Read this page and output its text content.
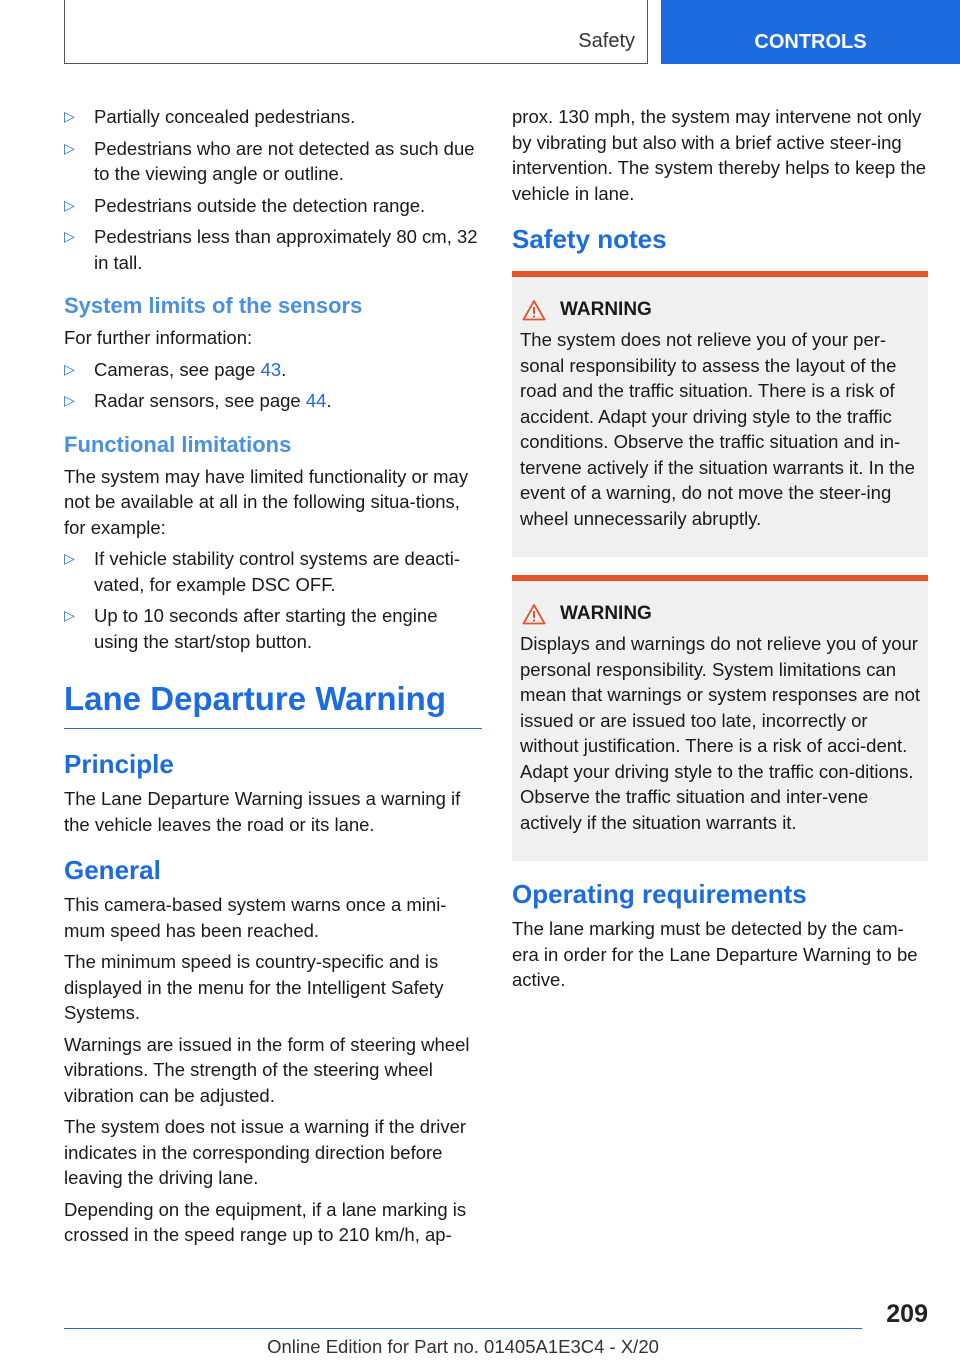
Safety	CONTROLS
▷ Partially concealed pedestrians.
▷ Pedestrians who are not detected as such due to the viewing angle or outline.
▷ Pedestrians outside the detection range.
▷ Pedestrians less than approximately 80 cm, 32 in tall.
System limits of the sensors

For further information:

▷ Cameras, see page 43.
▷ Radar sensors, see page 44.
Functional limitations

The system may have limited functionality or may not be available at all in the following situa-tions, for example:

▷ If vehicle stability control systems are deacti-vated, for example DSC OFF.
▷ Up to 10 seconds after starting the engine using the start/stop button.
Lane Departure Warning
Principle

The Lane Departure Warning issues a warning if the vehicle leaves the road or its lane.

General

This camera-based system warns once a mini-mum speed has been reached.

The minimum speed is country-specific and is displayed in the menu for the Intelligent Safety Systems.

Warnings are issued in the form of steering wheel vibrations. The strength of the steering wheel vibration can be adjusted.

The system does not issue a warning if the driver indicates in the corresponding direction before leaving the driving lane.

Depending on the equipment, if a lane marking is crossed in the speed range up to 210 km/h, ap-

prox. 130 mph, the system may intervene not only by vibrating but also with a brief active steer-ing intervention. The system thereby helps to keep the vehicle in lane.

Safety notes
WARNING

The system does not relieve you of your per-sonal responsibility to assess the layout of the road and the traffic situation. There is a risk of accident. Adapt your driving style to the traffic conditions. Observe the traffic situation and in-tervene actively if the situation warrants it. In the event of a warning, do not move the steer-ing wheel unnecessarily abruptly.

WARNING

Displays and warnings do not relieve you of your personal responsibility. System limitations can mean that warnings or system responses are not issued or are issued too late, incorrectly or without justification. There is a risk of acci-dent. Adapt your driving style to the traffic con-ditions. Observe the traffic situation and inter-vene actively if the situation warrants it.

Operating requirements

The lane marking must be detected by the cam-era in order for the Lane Departure Warning to be active.

209
Online Edition for Part no. 01405A1E3C4 - X/20
